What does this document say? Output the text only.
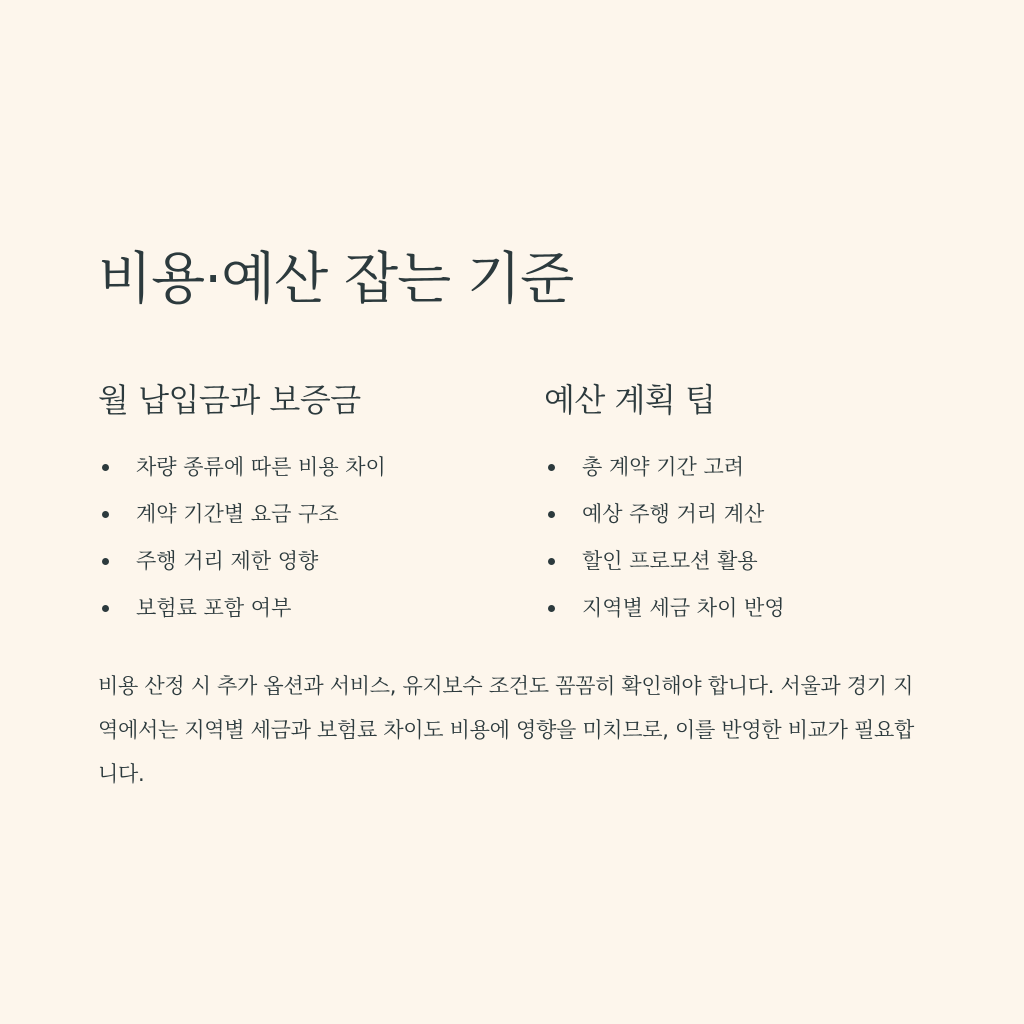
비용·예산 잡는 기준
월 납입금과 보증금
차량 종류에 따른 비용 차이
계약 기간별 요금 구조
주행 거리 제한 영향
보험료 포함 여부
예산 계획 팁
총 계약 기간 고려
예상 주행 거리 계산
할인 프로모션 활용
지역별 세금 차이 반영

비용 산정 시 추가 옵션과 서비스, 유지보수 조건도 꼼꼼히 확인해야 합니다. 서울과 경기 지역에서는 지역별 세금과 보험료 차이도 비용에 영향을 미치므로, 이를 반영한 비교가 필요합니다.
